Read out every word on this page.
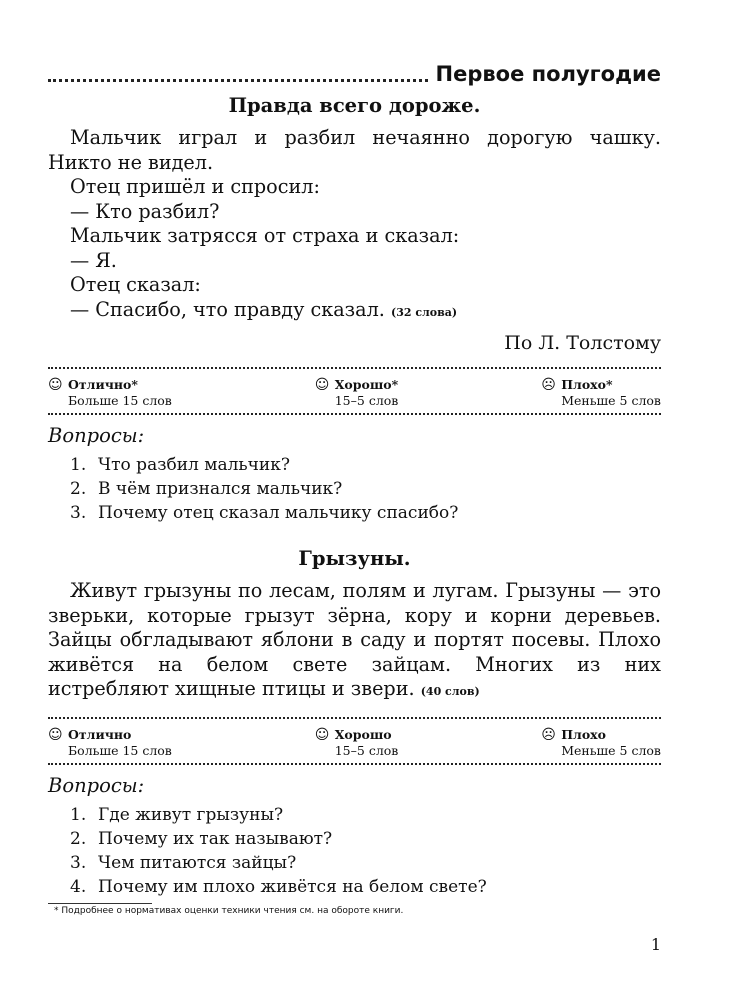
Первое полугодие
Правда всего дороже.

Мальчик играл и разбил нечаянно дорогую чашку. Никто не видел.

Отец пришёл и спросил:

— Кто разбил?

Мальчик затрясся от страха и сказал:

— Я.

Отец сказал:

— Спасибо, что правду сказал. (32 слова)

По Л. Толстому
☺ Отлично*
Больше 15 слов
☺ Хорошо*
15–5 слов
☹ Плохо*
Меньше 5 слов
Вопросы:
1. Что разбил мальчик?
2. В чём признался мальчик?
3. Почему отец сказал мальчику спасибо?
Грызуны.

Живут грызуны по лесам, полям и лугам. Грызуны — это зверьки, которые грызут зёрна, кору и корни деревьев. Зайцы обгладывают яблони в саду и портят посевы. Плохо живётся на белом свете зайцам. Многих из них истребляют хищные птицы и звери. (40 слов)

☺ Отлично
Больше 15 слов
☺ Хорошо
15–5 слов
☹ Плохо
Меньше 5 слов
Вопросы:
1. Где живут грызуны?
2. Почему их так называют?
3. Чем питаются зайцы?
4. Почему им плохо живётся на белом свете?
* Подробнее о нормативах оценки техники чтения см. на обороте книги.
1
